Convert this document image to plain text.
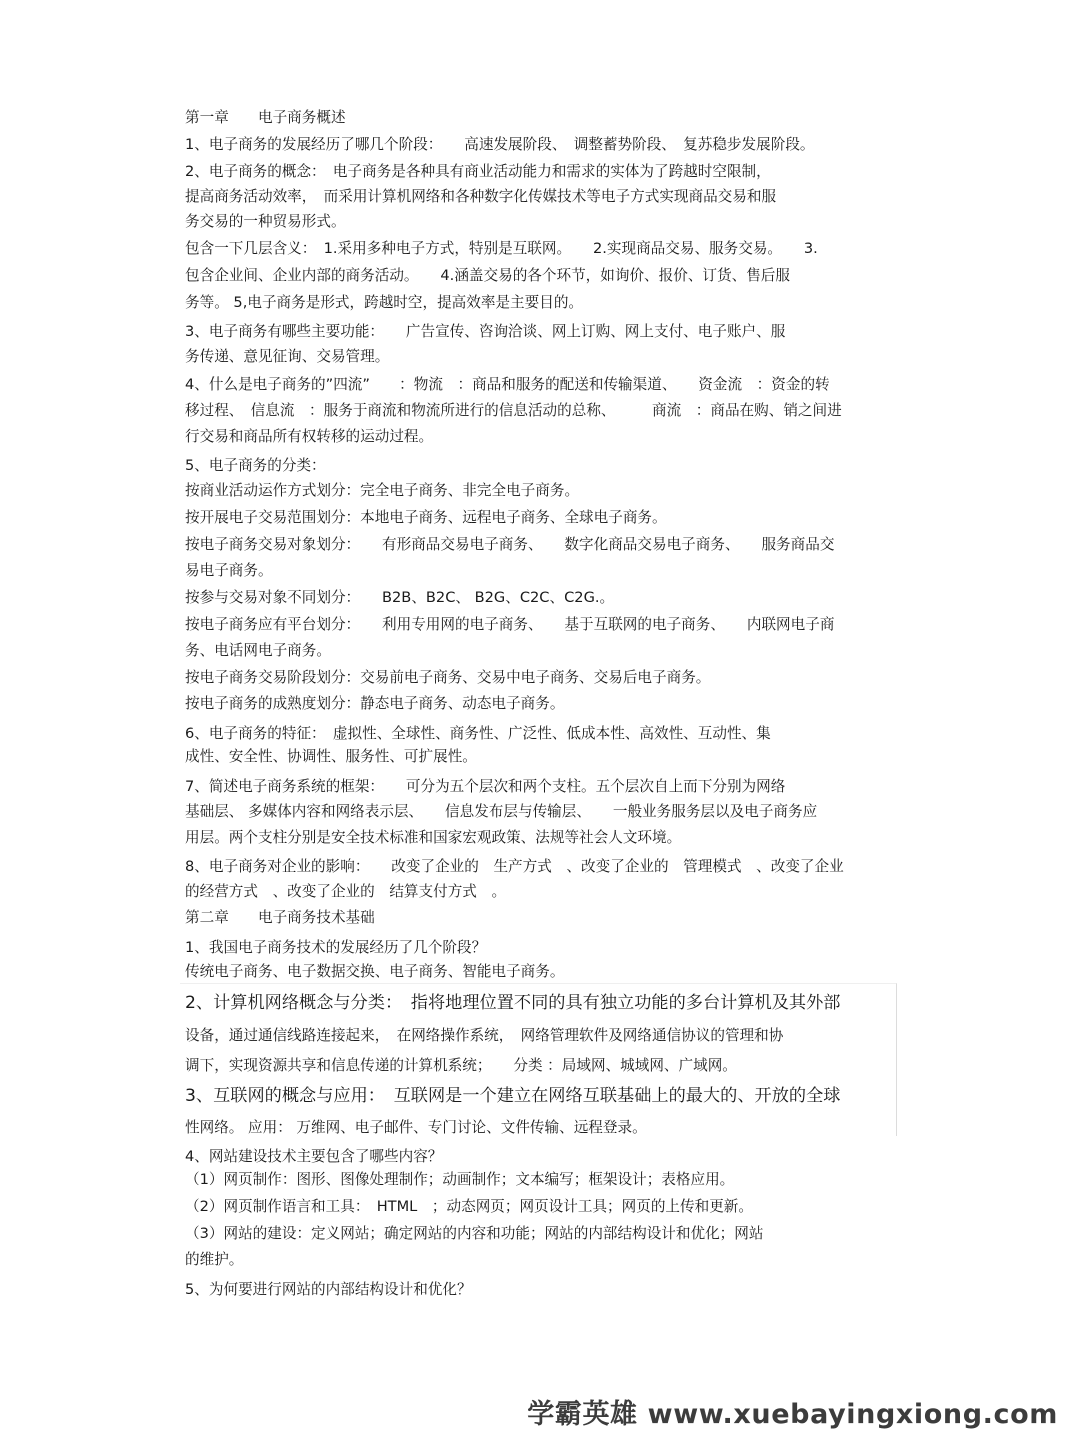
第一章　　电子商务概述
1、电子商务的发展经历了哪几个阶段：　　高速发展阶段、　调整蓄势阶段、　复苏稳步发展阶段。
2、电子商务的概念：　电子商务是各种具有商业活动能力和需求的实体为了跨越时空限制，
提高商务活动效率，　而采用计算机网络和各种数字化传媒技术等电子方式实现商品交易和服
务交易的一种贸易形式。
包含一下几层含义：　1.采用多种电子方式，特别是互联网。　　2.实现商品交易、服务交易。　　3.
包含企业间、企业内部的商务活动。　　4.涵盖交易的各个环节，如询价、报价、订货、售后服
务等。 5,电子商务是形式，跨越时空，提高效率是主要目的。
3、电子商务有哪些主要功能：　　广告宣传、咨询洽谈、网上订购、网上支付、电子账户、服
务传递、意见征询、交易管理。
4、什么是电子商务的”四流”　　：物流　：商品和服务的配送和传输渠道、　　资金流　：资金的转
移过程、　信息流　：服务于商流和物流所进行的信息活动的总称、　　　商流　：商品在购、销之间进
行交易和商品所有权转移的运动过程。
5、电子商务的分类：
按商业活动运作方式划分：完全电子商务、非完全电子商务。
按开展电子交易范围划分：本地电子商务、远程电子商务、全球电子商务。
按电子商务交易对象划分：　　有形商品交易电子商务、　　数字化商品交易电子商务、　　服务商品交
易电子商务。
按参与交易对象不同划分：　　B2B、B2C、 B2G、C2C、C2G.。
按电子商务应有平台划分：　　利用专用网的电子商务、　　基于互联网的电子商务、　　内联网电子商
务、电话网电子商务。
按电子商务交易阶段划分：交易前电子商务、交易中电子商务、交易后电子商务。
按电子商务的成熟度划分：静态电子商务、动态电子商务。
6、电子商务的特征：　虚拟性、全球性、商务性、广泛性、低成本性、高效性、互动性、集
成性、安全性、协调性、服务性、可扩展性。
7、简述电子商务系统的框架：　　可分为五个层次和两个支柱。五个层次自上而下分别为网络
基础层、 多媒体内容和网络表示层、　　信息发布层与传输层、　　一般业务服务层以及电子商务应
用层。两个支柱分别是安全技术标准和国家宏观政策、法规等社会人文环境。
8、电子商务对企业的影响：　　改变了企业的　生产方式　、改变了企业的　管理模式　、改变了企业
的经营方式　、改变了企业的　结算支付方式　。
第二章　　电子商务技术基础
1、我国电子商务技术的发展经历了几个阶段？
传统电子商务、电子数据交换、电子商务、智能电子商务。
2、计算机网络概念与分类：　指将地理位置不同的具有独立功能的多台计算机及其外部
设备，通过通信线路连接起来，　在网络操作系统，　网络管理软件及网络通信协议的管理和协
调下，实现资源共享和信息传递的计算机系统；　　分类 ：局域网、城域网、广域网。
3、互联网的概念与应用：　互联网是一个建立在网络互联基础上的最大的、开放的全球
性网络。 应用： 万维网、电子邮件、专门讨论、文件传输、远程登录。
4、网站建设技术主要包含了哪些内容？
（1）网页制作：图形、图像处理制作；动画制作；文本编写；框架设计；表格应用。
（2）网页制作语言和工具：　HTML　；动态网页；网页设计工具；网页的上传和更新。
（3）网站的建设：定义网站；确定网站的内容和功能；网站的内部结构设计和优化；网站
的维护。
5、为何要进行网站的内部结构设计和优化？
学霸英雄 www.xuebayingxiong.com
